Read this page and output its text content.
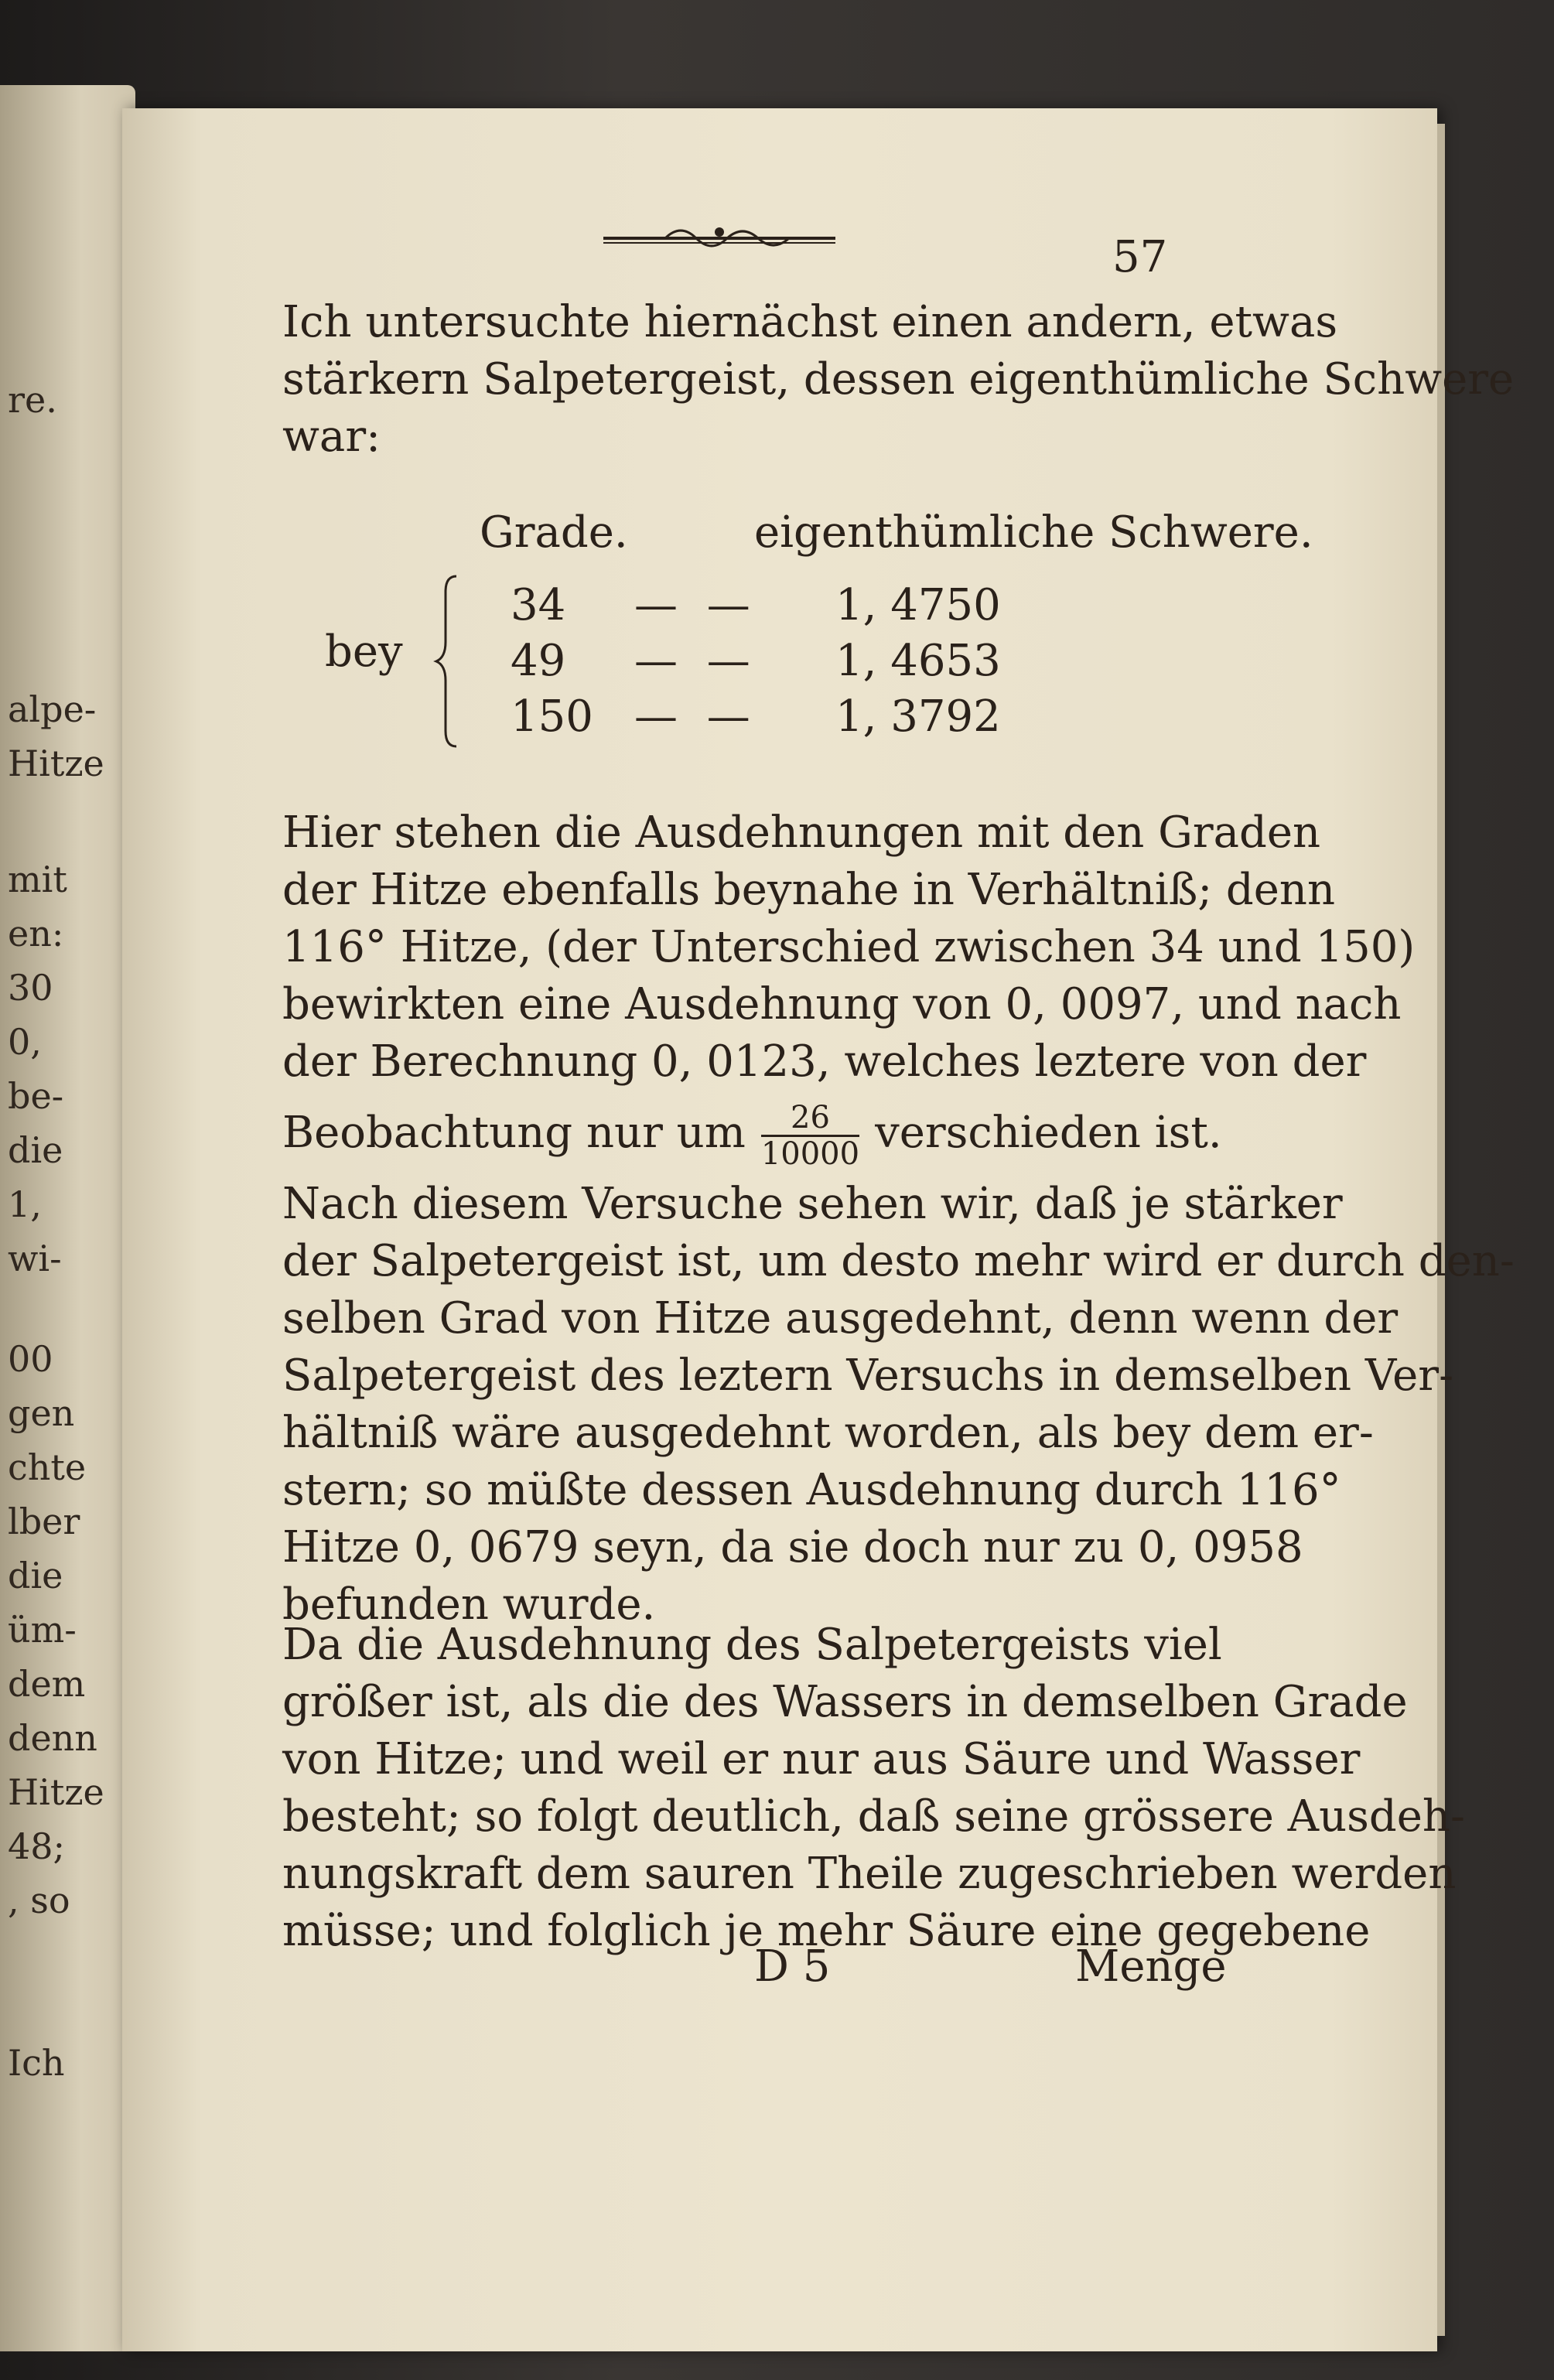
re.
alpe-
Hitze
mit
en:
30
0,
be-
die
1,
wi-
00
gen
chte
lber
die
üm-
dem
denn
Hitze
48;
, so
Ich
57
Ich untersuchte hiernächst einen andern, etwas
stärkern Salpetergeist, dessen eigenthümliche Schwere
war:
Grade.	eigenthümliche Schwere.
bey
34 — — 1, 4750
49 — — 1, 4653
150 — — 1, 3792
Hier stehen die Ausdehnungen mit den Graden
der Hitze ebenfalls beynahe in Verhältniß; denn
116° Hitze, (der Unterschied zwischen 34 und 150)
bewirkten eine Ausdehnung von 0, 0097, und nach
der Berechnung 0, 0123, welches leztere von der
Beobachtung nur um $\frac{26}{10000}$ verschieden ist.
Nach diesem Versuche sehen wir, daß je stärker
der Salpetergeist ist, um desto mehr wird er durch den-
selben Grad von Hitze ausgedehnt, denn wenn der
Salpetergeist des leztern Versuchs in demselben Ver-
hältniß wäre ausgedehnt worden, als bey dem er-
stern; so müßte dessen Ausdehnung durch 116°
Hitze 0, 0679 seyn, da sie doch nur zu 0, 0958
befunden wurde.
Da die Ausdehnung des Salpetergeists viel
größer ist, als die des Wassers in demselben Grade
von Hitze; und weil er nur aus Säure und Wasser
besteht; so folgt deutlich, daß seine grössere Ausdeh-
nungskraft dem sauren Theile zugeschrieben werden
müsse; und folglich je mehr Säure eine gegebene
D 5	Menge
